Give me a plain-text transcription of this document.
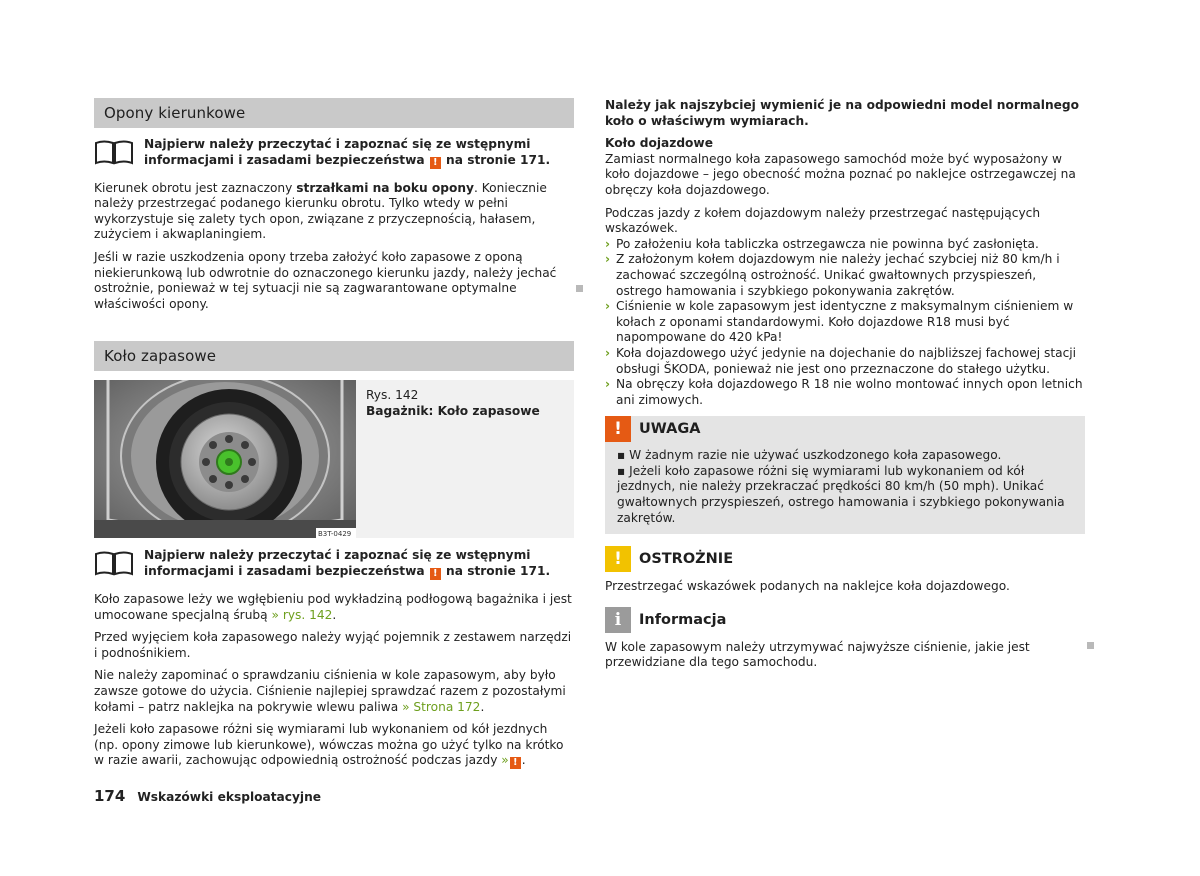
Opony kierunkowe
Najpierw należy przeczytać i zapoznać się ze wstępnymi informacjami i zasadami bezpieczeństwa ! na stronie 171.

Kierunek obrotu jest zaznaczony strzałkami na boku opony. Koniecznie należy przestrzegać podanego kierunku obrotu. Tylko wtedy w pełni wykorzystuje się zalety tych opon, związane z przyczepnością, hałasem, zużyciem i akwaplaningiem.

Jeśli w razie uszkodzenia opony trzeba założyć koło zapasowe z oponą niekierunkową lub odwrotnie do oznaczonego kierunku jazdy, należy jechać ostrożnie, ponieważ w tej sytuacji nie są zagwarantowane optymalne właściwości opony.

Koło zapasowe
B3T-0429

Rys. 142

Bagażnik: Koło zapasowe

Najpierw należy przeczytać i zapoznać się ze wstępnymi informacjami i zasadami bezpieczeństwa ! na stronie 171.

Koło zapasowe leży we wgłębieniu pod wykładziną podłogową bagażnika i jest umocowane specjalną śrubą » rys. 142.

Przed wyjęciem koła zapasowego należy wyjąć pojemnik z zestawem narzędzi i podnośnikiem.

Nie należy zapominać o sprawdzaniu ciśnienia w kole zapasowym, aby było zawsze gotowe do użycia. Ciśnienie najlepiej sprawdzać razem z pozostałymi kołami – patrz naklejka na pokrywie wlewu paliwa » Strona 172.

Jeżeli koło zapasowe różni się wymiarami lub wykonaniem od kół jezdnych (np. opony zimowe lub kierunkowe), wówczas można go użyć tylko na krótko w razie awarii, zachowując odpowiednią ostrożność podczas jazdy » ! .

Należy jak najszybciej wymienić je na odpowiedni model normalnego koło o właściwym wymiarach.

Koło dojazdowe

Zamiast normalnego koła zapasowego samochód może być wyposażony w koło dojazdowe – jego obecność można poznać po naklejce ostrzegawczej na obręczy koła dojazdowego.

Podczas jazdy z kołem dojazdowym należy przestrzegać następujących wskazówek.

› Po założeniu koła tabliczka ostrzegawcza nie powinna być zasłonięta.
› Z założonym kołem dojazdowym nie należy jechać szybciej niż 80 km/h i zachować szczególną ostrożność. Unikać gwałtownych przyspieszeń, ostrego hamowania i szybkiego pokonywania zakrętów.
› Ciśnienie w kole zapasowym jest identyczne z maksymalnym ciśnieniem w kołach z oponami standardowymi. Koło dojazdowe R18 musi być napompowane do 420 kPa!
› Koła dojazdowego użyć jedynie na dojechanie do najbliższej fachowej stacji obsługi ŠKODA, ponieważ nie jest ono przeznaczone do stałego użytku.
› Na obręczy koła dojazdowego R 18 nie wolno montować innych opon letnich ani zimowych.
!	UWAGA
▪ W żadnym razie nie używać uszkodzonego koła zapasowego.
▪ Jeżeli koło zapasowe różni się wymiarami lub wykonaniem od kół jezdnych, nie należy przekraczać prędkości 80 km/h (50 mph). Unikać gwałtownych przyspieszeń, ostrego hamowania i szybkiego pokonywania zakrętów.
!	OSTROŻNIE

Przestrzegać wskazówek podanych na naklejce koła dojazdowego.

i	Informacja

W kole zapasowym należy utrzymywać najwyższe ciśnienie, jakie jest przewidziane dla tego samochodu.

174 Wskazówki eksploatacyjne
